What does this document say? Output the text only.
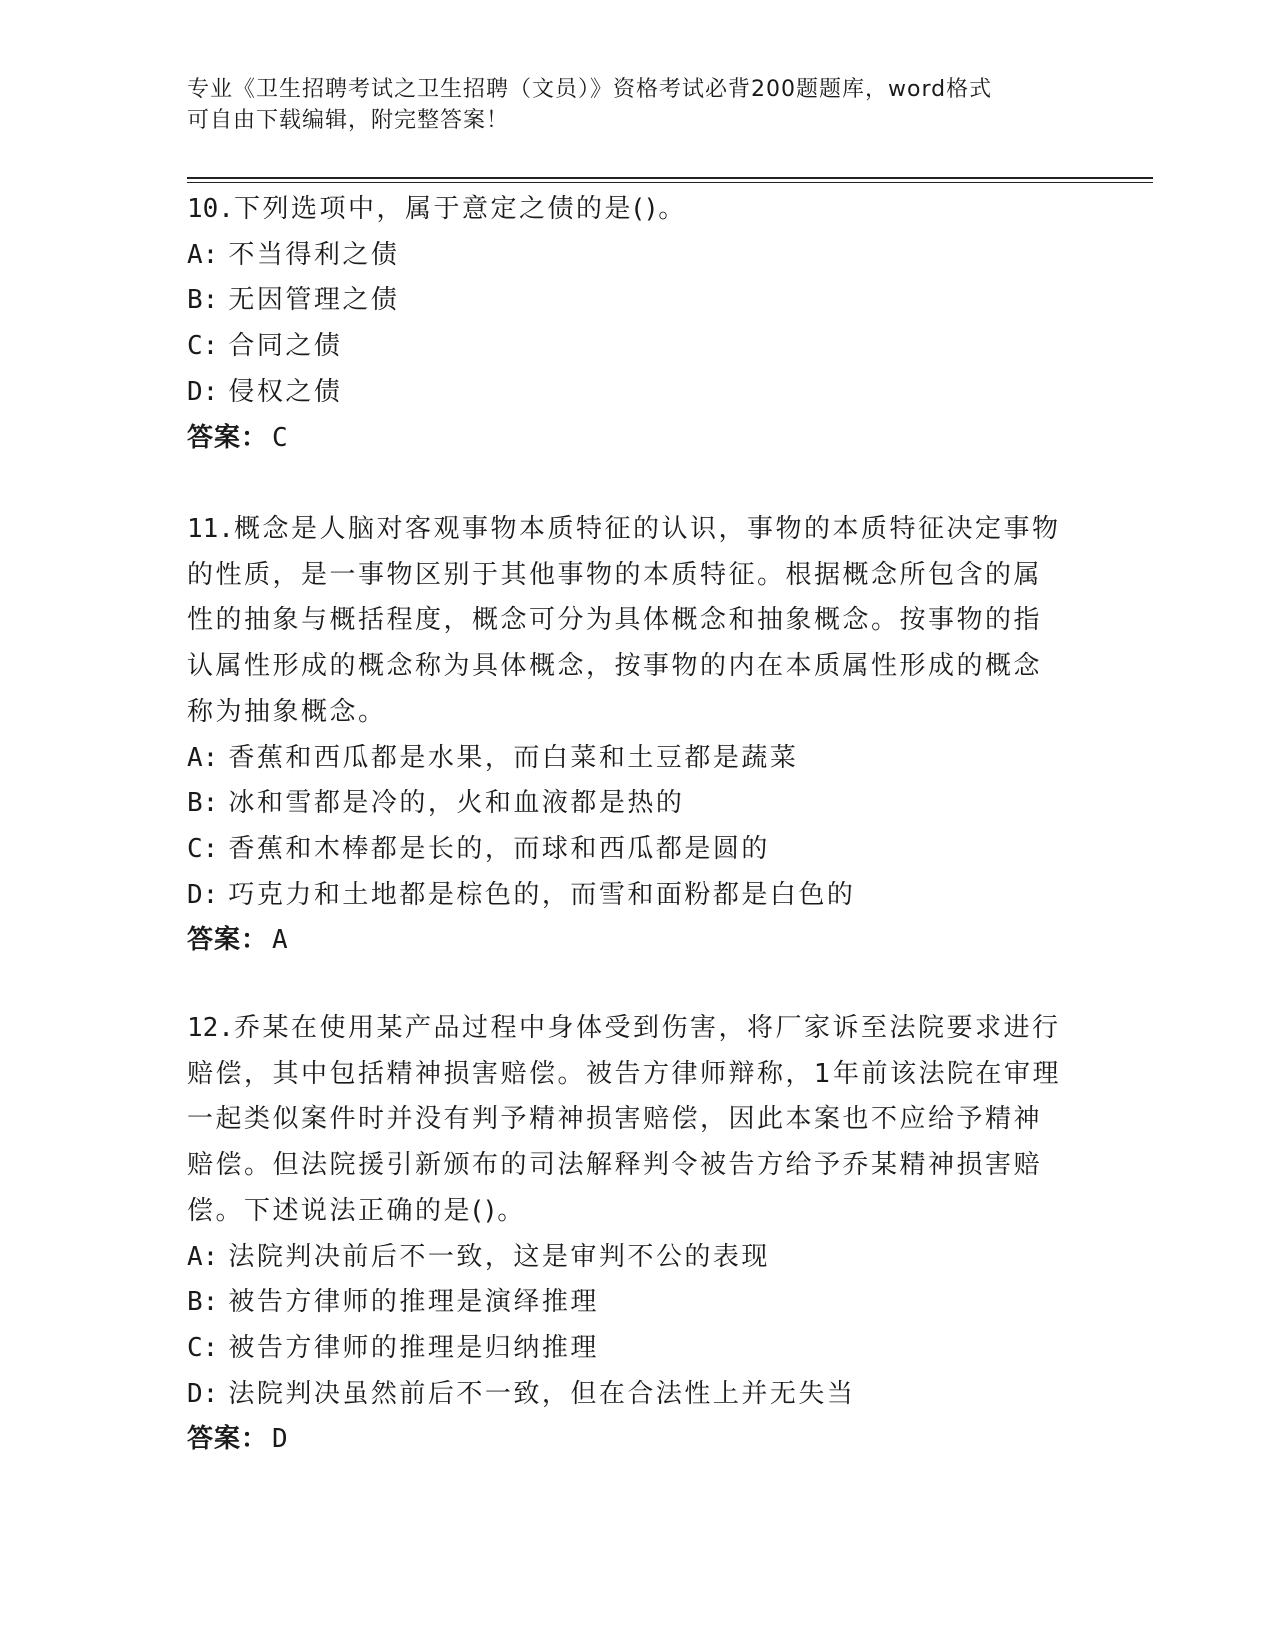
专业《卫生招聘考试之卫生招聘（文员）》资格考试必背200题题库，word格式
可自由下载编辑，附完整答案！

10.下列选项中，属于意定之债的是()。

A: 不当得利之债

B: 无因管理之债

C: 合同之债

D: 侵权之债

答案： C

11.概念是人脑对客观事物本质特征的认识，事物的本质特征决定事物

的性质，是一事物区别于其他事物的本质特征。根据概念所包含的属

性的抽象与概括程度，概念可分为具体概念和抽象概念。按事物的指

认属性形成的概念称为具体概念，按事物的内在本质属性形成的概念

称为抽象概念。

A: 香蕉和西瓜都是水果，而白菜和土豆都是蔬菜

B: 冰和雪都是冷的，火和血液都是热的

C: 香蕉和木棒都是长的，而球和西瓜都是圆的

D: 巧克力和土地都是棕色的，而雪和面粉都是白色的

答案： A

12.乔某在使用某产品过程中身体受到伤害，将厂家诉至法院要求进行

赔偿，其中包括精神损害赔偿。被告方律师辩称，1年前该法院在审理

一起类似案件时并没有判予精神损害赔偿，因此本案也不应给予精神

赔偿。但法院援引新颁布的司法解释判令被告方给予乔某精神损害赔

偿。下述说法正确的是()。

A: 法院判决前后不一致，这是审判不公的表现

B: 被告方律师的推理是演绎推理

C: 被告方律师的推理是归纳推理

D: 法院判决虽然前后不一致，但在合法性上并无失当

答案： D
